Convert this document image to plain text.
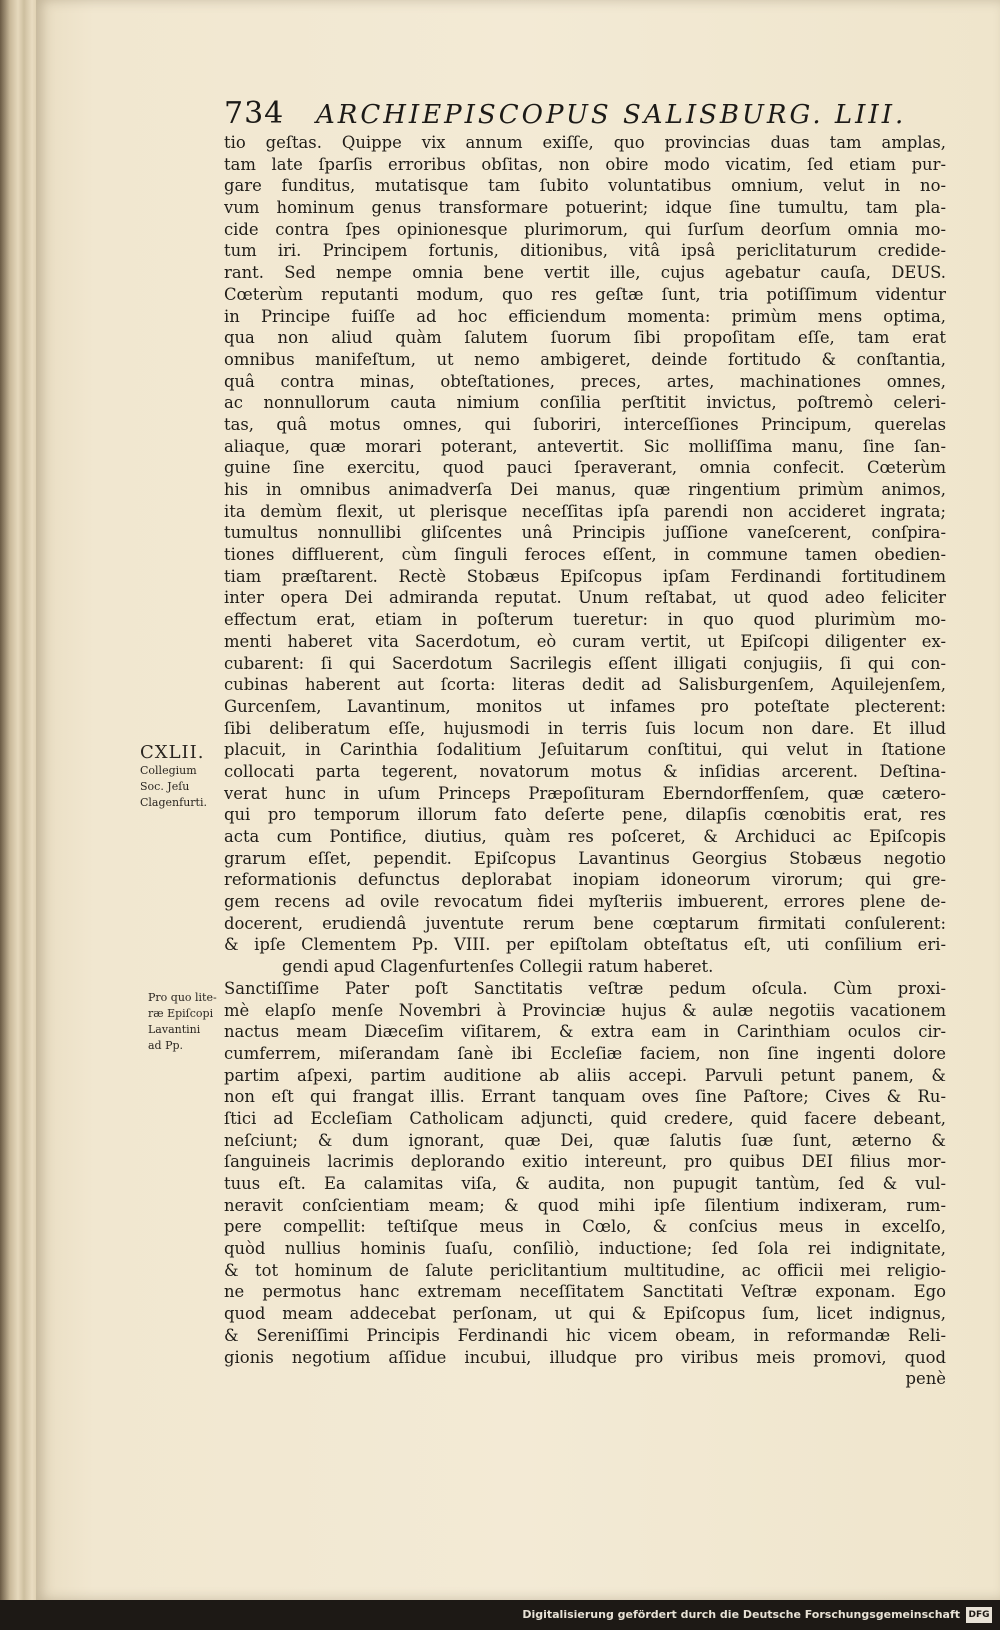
734 ARCHIEPISCOPUS SALISBURG. LIII.
CXLII.
Collegium
Soc. Jeſu
Clagenfurti.
Pro quo lite-
ræ Epiſcopi
Lavantini
ad Pp.
tio geſtas. Quippe vix annum exiſſe, quo provincias duas tam amplas,
tam late ſparſis erroribus obſitas, non obire modo vicatim, ſed etiam pur-
gare funditus, mutatisque tam ſubito voluntatibus omnium, velut in no-
vum hominum genus transformare potuerint; idque ſine tumultu, tam pla-
cide contra ſpes opinionesque plurimorum, qui ſurſum deorſum omnia mo-
tum iri. Principem fortunis, ditionibus, vitâ ipsâ periclitaturum credide-
rant. Sed nempe omnia bene vertit ille, cujus agebatur cauſa, DEUS.
Cœterùm reputanti modum, quo res geſtæ ſunt, tria potiſſimum videntur
in Principe fuiſſe ad hoc efficiendum momenta: primùm mens optima,
qua non aliud quàm ſalutem ſuorum ſibi propoſitam eſſe, tam erat
omnibus manifeſtum, ut nemo ambigeret, deinde fortitudo & conſtantia,
quâ contra minas, obteſtationes, preces, artes, machinationes omnes,
ac nonnullorum cauta nimium conſilia perſtitit invictus, poſtremò celeri-
tas, quâ motus omnes, qui ſuboriri, interceſſiones Principum, querelas
aliaque, quæ morari poterant, antevertit. Sic molliſſima manu, ſine ſan-
guine ſine exercitu, quod pauci ſperaverant, omnia confecit. Cœterùm
his in omnibus animadverſa Dei manus, quæ ringentium primùm animos,
ita demùm flexit, ut plerisque neceſſitas ipſa parendi non accideret ingrata;
tumultus nonnullibi gliſcentes unâ Principis juſſione vaneſcerent, conſpira-
tiones diffluerent, cùm ſinguli feroces eſſent, in commune tamen obedien-
tiam præſtarent. Rectè Stobæus Epiſcopus ipſam Ferdinandi fortitudinem
inter opera Dei admiranda reputat. Unum reſtabat, ut quod adeo feliciter
effectum erat, etiam in poſterum tueretur: in quo quod plurimùm mo-
menti haberet vita Sacerdotum, eò curam vertit, ut Epiſcopi diligenter ex-
cubarent: ſi qui Sacerdotum Sacrilegis eſſent illigati conjugiis, ſi qui con-
cubinas haberent aut ſcorta: literas dedit ad Salisburgenſem, Aquilejenſem,
Gurcenſem, Lavantinum, monitos ut infames pro poteſtate plecterent:
ſibi deliberatum eſſe, hujusmodi in terris ſuis locum non dare. Et illud
placuit, in Carinthia ſodalitium Jeſuitarum conſtitui, qui velut in ſtatione
collocati parta tegerent, novatorum motus & inſidias arcerent. Deſtina-
verat hunc in uſum Princeps Præpoſituram Eberndorffenſem, quæ cætero-
qui pro temporum illorum fato deſerte pene, dilapſis cœnobitis erat, res
acta cum Pontifice, diutius, quàm res poſceret, & Archiduci ac Epiſcopis
grarum eſſet, pependit. Epiſcopus Lavantinus Georgius Stobæus negotio
reformationis defunctus deplorabat inopiam idoneorum virorum; qui gre-
gem recens ad ovile revocatum fidei myſteriis imbuerent, errores plene de-
docerent, erudiendâ juventute rerum bene cœptarum firmitati conſulerent:
& ipſe Clementem Pp. VIII. per epiſtolam obteſtatus eſt, uti conſilium eri-
gendi apud Clagenfurtenſes Collegii ratum haberet.
Sanctiſſime Pater poſt Sanctitatis veſtræ pedum oſcula. Cùm proxi-
mè elapſo menſe Novembri à Provinciæ hujus & aulæ negotiis vacationem
nactus meam Diæceſim viſitarem, & extra eam in Carinthiam oculos cir-
cumferrem, miſerandam ſanè ibi Eccleſiæ faciem, non ſine ingenti dolore
partim aſpexi, partim auditione ab aliis accepi. Parvuli petunt panem, &
non eſt qui frangat illis. Errant tanquam oves ſine Paſtore; Cives & Ru-
ſtici ad Eccleſiam Catholicam adjuncti, quid credere, quid facere debeant,
neſciunt; & dum ignorant, quæ Dei, quæ ſalutis ſuæ ſunt, æterno &
ſanguineis lacrimis deplorando exitio intereunt, pro quibus DEI filius mor-
tuus eſt. Ea calamitas viſa, & audita, non pupugit tantùm, ſed & vul-
neravit conſcientiam meam; & quod mihi ipſe ſilentium indixeram, rum-
pere compellit: teſtiſque meus in Cœlo, & conſcius meus in excelſo,
quòd nullius hominis ſuaſu, conſiliò, inductione; ſed ſola rei indignitate,
& tot hominum de ſalute periclitantium multitudine, ac officii mei religio-
ne permotus hanc extremam neceſſitatem Sanctitati Veſtræ exponam. Ego
quod meam addecebat perſonam, ut qui & Epiſcopus ſum, licet indignus,
& Sereniſſimi Principis Ferdinandi hic vicem obeam, in reformandæ Reli-
gionis negotium aſſidue incubui, illudque pro viribus meis promovi, quod
penè
Digitalisierung gefördert durch die Deutsche Forschungsgemeinschaft DFG
